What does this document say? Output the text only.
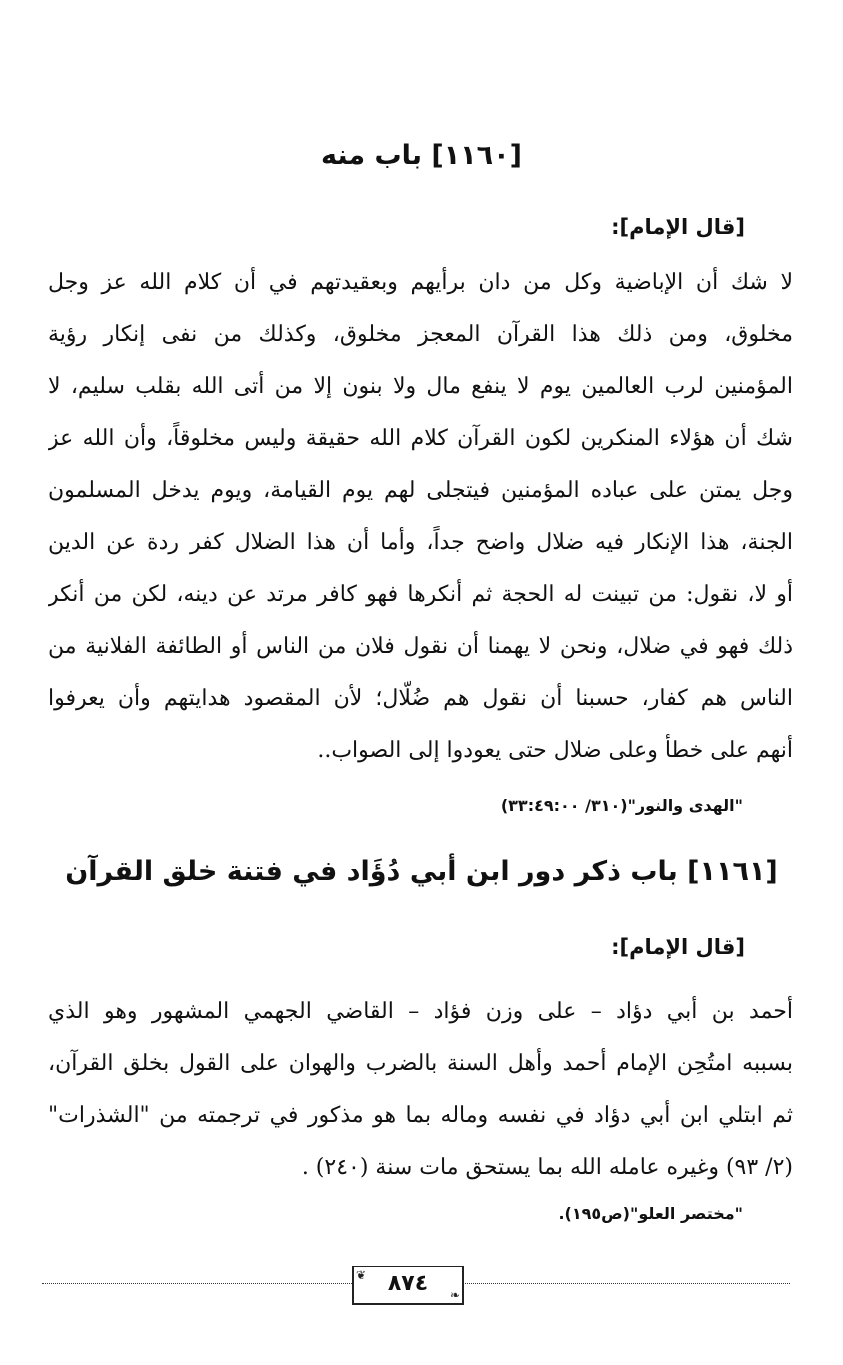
[١١٦٠] باب منه
[قال الإمام]:
لا شك أن الإباضية وكل من دان برأيهم وبعقيدتهم في أن كلام الله عز وجل
مخلوق، ومن ذلك هذا القرآن المعجز مخلوق، وكذلك من نفى إنكار رؤية
المؤمنين لرب العالمين يوم لا ينفع مال ولا بنون إلا من أتى الله بقلب سليم، لا
شك أن هؤلاء المنكرين لكون القرآن كلام الله حقيقة وليس مخلوقاً، وأن الله عز
وجل يمتن على عباده المؤمنين فيتجلى لهم يوم القيامة، ويوم يدخل المسلمون
الجنة، هذا الإنكار فيه ضلال واضح جداً، وأما أن هذا الضلال كفر ردة عن الدين
أو لا، نقول: من تبينت له الحجة ثم أنكرها فهو كافر مرتد عن دينه، لكن من أنكر
ذلك فهو في ضلال، ونحن لا يهمنا أن نقول فلان من الناس أو الطائفة الفلانية من
الناس هم كفار، حسبنا أن نقول هم ضُلّال؛ لأن المقصود هدايتهم وأن يعرفوا
أنهم على خطأ وعلى ضلال حتى يعودوا إلى الصواب..
"الهدى والنور"(٣١٠/ ٣٣:٤٩:٠٠)
[١١٦١] باب ذكر دور ابن أبي دُؤَاد في فتنة خلق القرآن
[قال الإمام]:
أحمد بن أبي دؤاد – على وزن فؤاد – القاضي الجهمي المشهور وهو الذي
بسببه امتُحِن الإمام أحمد وأهل السنة بالضرب والهوان على القول بخلق القرآن،
ثم ابتلي ابن أبي دؤاد في نفسه وماله بما هو مذكور في ترجمته من "الشذرات"
(٢/ ٩٣) وغيره عامله الله بما يستحق مات سنة (٢٤٠) .
"مختصر العلو"(ص١٩٥).
❦ ٨٧٤ ❧
